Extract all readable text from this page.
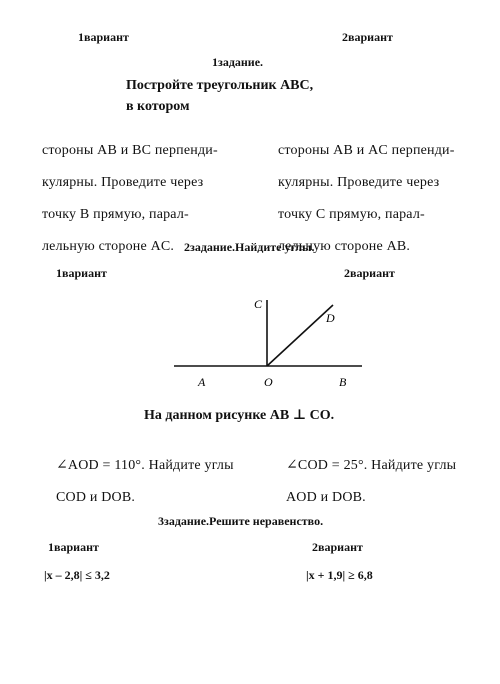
1вариант	2вариант
1задание.
Постройте треугольник ABC,
в котором

стороны AB и BC перпенди-

кулярны. Проведите через

точку B прямую, парал-

лельную стороне AC.

стороны AB и AC перпенди-

кулярны. Проведите через

точку C прямую, парал-

лельную стороне AB.

2задание.Найдите углы.
1вариант	2вариант
C
D
A	O	B
На данном рисунке AB ⊥ CO.

∠AOD = 110°. Найдите углы

COD и DOB.

∠COD = 25°. Найдите углы

AOD и DOB.

3задание.Решите неравенство.
1вариант	2вариант
|x – 2,8| ≤ 3,2	|x + 1,9| ≥ 6,8
